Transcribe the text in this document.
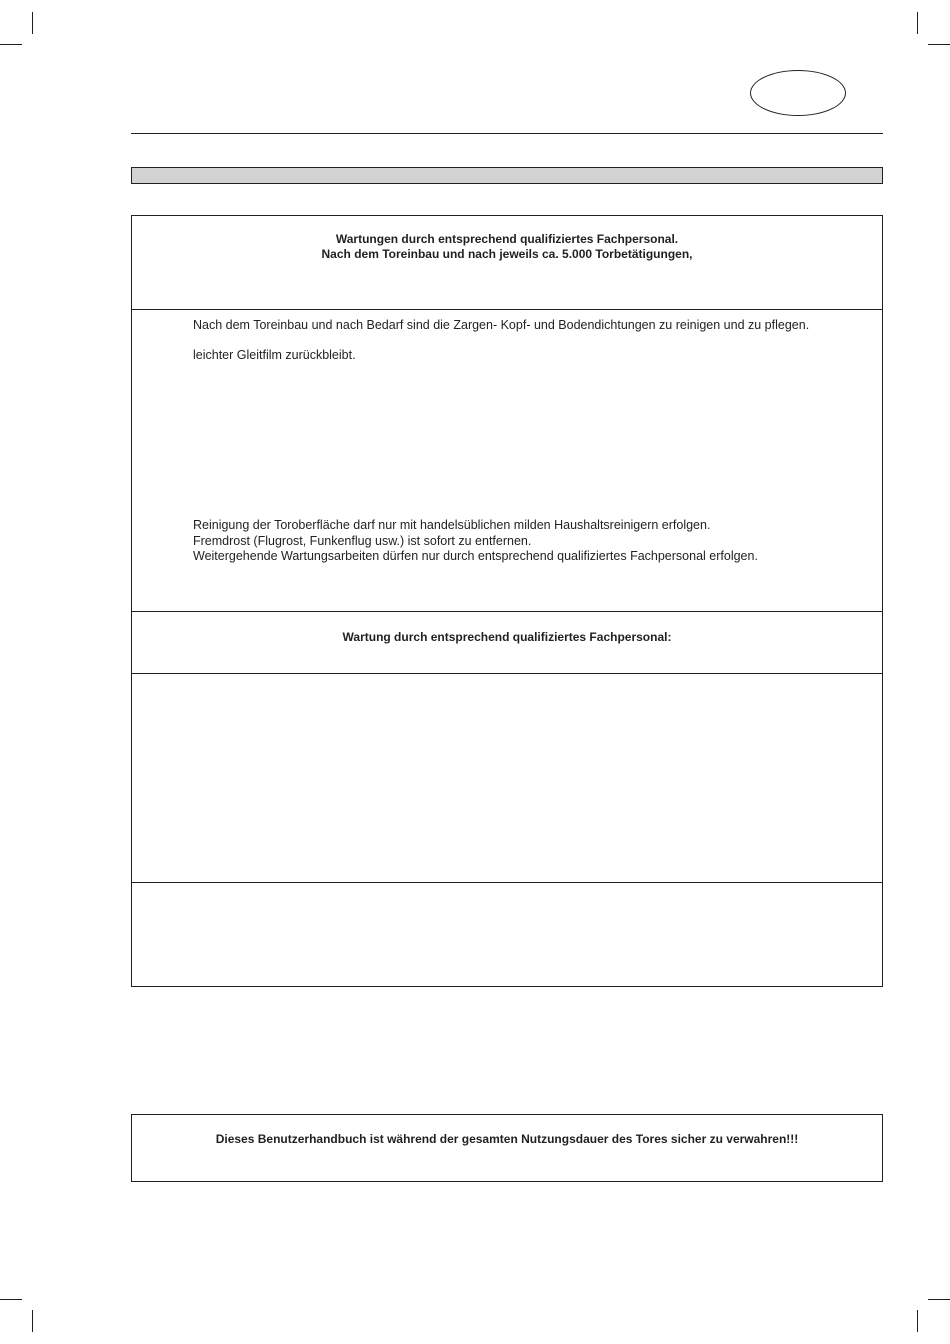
Wartungen durch entsprechend qualifiziertes Fachpersonal.
Nach dem Toreinbau und nach jeweils ca. 5.000 Torbetätigungen,
Nach dem Toreinbau und nach Bedarf sind die Zargen- Kopf- und Bodendichtungen zu reinigen und zu pflegen.
leichter Gleitfilm zurückbleibt.
Reinigung der Toroberfläche darf nur mit handelsüblichen milden Haushaltsreinigern erfolgen.
Fremdrost (Flugrost, Funkenflug usw.) ist sofort zu entfernen.
Weitergehende Wartungsarbeiten dürfen nur durch entsprechend qualifiziertes Fachpersonal erfolgen.
Wartung durch entsprechend qualifiziertes Fachpersonal:
Dieses Benutzerhandbuch ist während der gesamten Nutzungsdauer des Tores sicher zu verwahren!!!
